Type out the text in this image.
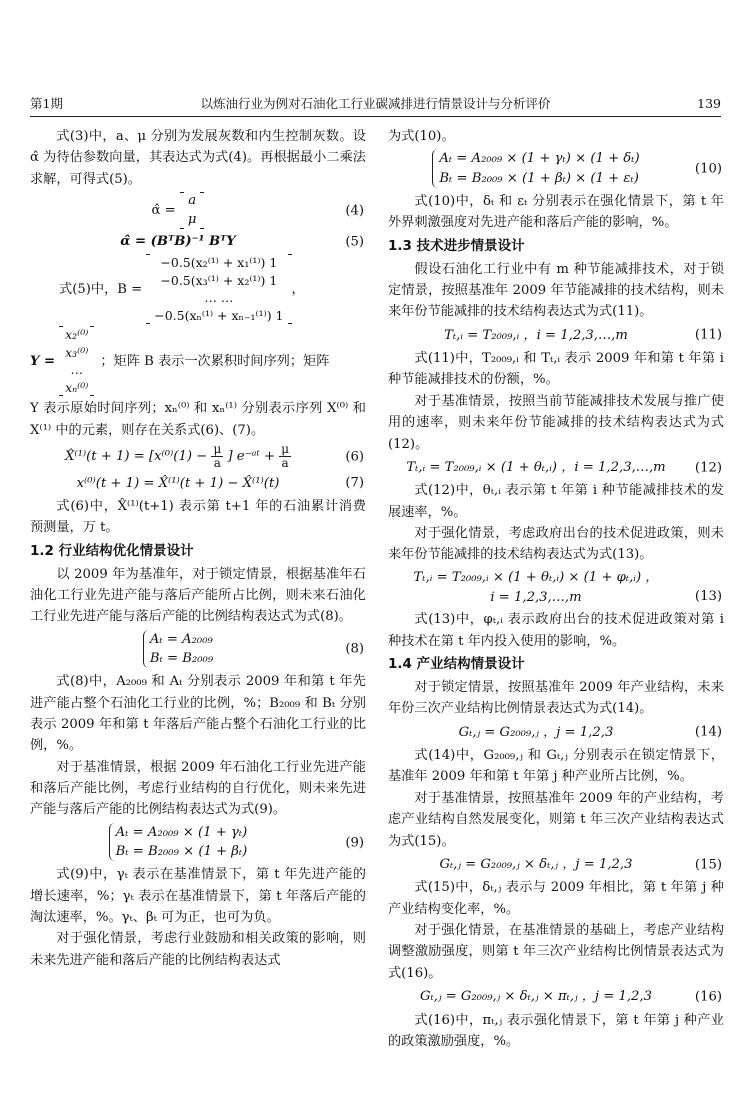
第1期	以炼油行业为例对石油化工行业碳减排进行情景设计与分析评价	139

式(3)中，a、μ 分别为发展灰数和内生控制灰数。设 α̂ 为待估参数向量，其表达式为式(4)。再根据最小二乘法求解，可得式(5)。

α̂ = a
μ
(4)
α̂ = (BᵀB)⁻¹ BᵀY	(5)
式(5)中，B =
−0.5(x₂⁽¹⁾ + x₁⁽¹⁾) 1
−0.5(x₃⁽¹⁾ + x₂⁽¹⁾) 1
… …
−0.5(xₙ⁽¹⁾ + xₙ₋₁⁽¹⁾) 1
，
Y =
x₂⁽⁰⁾
x₃⁽⁰⁾
…
xₙ⁽⁰⁾
；矩阵 B 表示一次累积时间序列；矩阵

Y 表示原始时间序列；xₙ⁽⁰⁾ 和 xₙ⁽¹⁾ 分别表示序列 X⁽⁰⁾ 和 X⁽¹⁾ 中的元素，则存在关系式(6)、(7)。

X̂⁽¹⁾(t + $1) = [x^{(0)}(1) - \frac{\mu}{a}$ ] e⁻ᵃᵗ + $\frac{\mu}{a}$	(6)
x⁽⁰⁾(t + 1) = X̂⁽¹⁾(t + 1) − X̂⁽¹⁾(t)	(7)

式(6)中，X̂⁽¹⁾(t+1) 表示第 t+1 年的石油累计消费预测量，万 t。

1.2 行业结构优化情景设计

以 2009 年为基准年，对于锁定情景，根据基准年石油化工行业先进产能与落后产能所占比例，则未来石油化工行业先进产能与落后产能的比例结构表达式为式(8)。

Aₜ = A₂₀₀₉
Bₜ = B₂₀₀₉
(8)

式(8)中，A₂₀₀₉ 和 Aₜ 分别表示 2009 年和第 t 年先进产能占整个石油化工行业的比例，%；B₂₀₀₉ 和 Bₜ 分别表示 2009 年和第 t 年落后产能占整个石油化工行业的比例，%。

对于基准情景，根据 2009 年石油化工行业先进产能和落后产能比例，考虑行业结构的自行优化，则未来先进产能与落后产能的比例结构表达式为式(9)。

Aₜ = A₂₀₀₉ × (1 + γₜ)
Bₜ = B₂₀₀₉ × (1 + βₜ)
(9)

式(9)中，γₜ 表示在基准情景下，第 t 年先进产能的增长速率，%；γₜ 表示在基准情景下，第 t 年落后产能的淘汰速率，%。γₜ、βₜ 可为正，也可为负。

对于强化情景，考虑行业鼓励和相关政策的影响，则未来先进产能和落后产能的比例结构表达式

为式(10)。

Aₜ = A₂₀₀₉ × (1 + γₜ) × (1 + δₜ)
Bₜ = B₂₀₀₉ × (1 + βₜ) × (1 + εₜ)
(10)

式(10)中，δₜ 和 εₜ 分别表示在强化情景下，第 t 年外界刺激强度对先进产能和落后产能的影响，%。

1.3 技术进步情景设计

假设石油化工行业中有 m 种节能减排技术，对于锁定情景，按照基准年 2009 年节能减排的技术结构，则未来年份节能减排的技术结构表达式为式(11)。

Tₜ,ᵢ = T₂₀₀₉,ᵢ ，i = 1,2,3,…,m	(11)

式(11)中，T₂₀₀₉,ᵢ 和 Tₜ,ᵢ 表示 2009 年和第 t 年第 i 种节能减排技术的份额，%。

对于基准情景，按照当前节能减排技术发展与推广使用的速率，则未来年份节能减排的技术结构表达式为式(12)。

Tₜ,ᵢ = T₂₀₀₉,ᵢ × (1 + θₜ,ᵢ) ，i = 1,2,3,…,m	(12)

式(12)中，θₜ,ᵢ 表示第 t 年第 i 种节能减排技术的发展速率，%。

对于强化情景，考虑政府出台的技术促进政策，则未来年份节能减排的技术结构表达式为式(13)。

Tₜ,ᵢ = T₂₀₀₉,ᵢ × (1 + θₜ,ᵢ) × (1 + φₜ,ᵢ) ，
i = 1,2,3,…,m	(13)

式(13)中，φₜ,ᵢ 表示政府出台的技术促进政策对第 i 种技术在第 t 年内投入使用的影响，%。

1.4 产业结构情景设计

对于锁定情景，按照基准年 2009 年产业结构，未来年份三次产业结构比例情景表达式为式(14)。

Gₜ,ⱼ = G₂₀₀₉,ⱼ ，j = 1,2,3	(14)

式(14)中，G₂₀₀₉,ⱼ 和 Gₜ,ⱼ 分别表示在锁定情景下，基准年 2009 年和第 t 年第 j 种产业所占比例，%。

对于基准情景，按照基准年 2009 年的产业结构，考虑产业结构自然发展变化，则第 t 年三次产业结构表达式为式(15)。

Gₜ,ⱼ = G₂₀₀₉,ⱼ × δₜ,ⱼ ，j = 1,2,3	(15)

式(15)中，δₜ,ⱼ 表示与 2009 年相比，第 t 年第 j 种产业结构变化率，%。

对于强化情景，在基准情景的基础上，考虑产业结构调整激励强度，则第 t 年三次产业结构比例情景表达式为式(16)。

Gₜ,ⱼ = G₂₀₀₉,ⱼ × δₜ,ⱼ × πₜ,ⱼ ，j = 1,2,3	(16)

式(16)中，πₜ,ⱼ 表示强化情景下，第 t 年第 j 种产业的政策激励强度，%。
